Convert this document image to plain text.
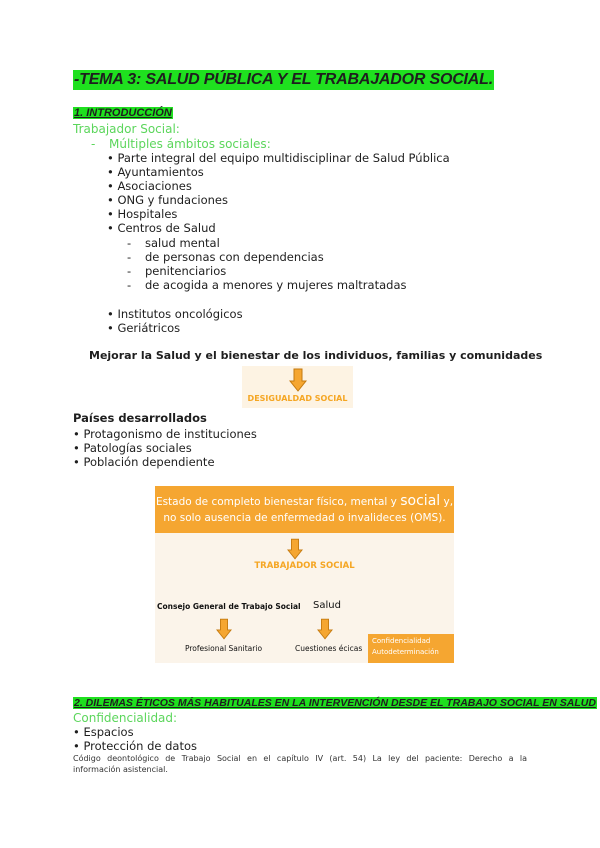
-TEMA 3: SALUD PÚBLICA Y EL TRABAJADOR SOCIAL.
1. INTRODUCCIÓN
Trabajador Social:
- Múltiples ámbitos sociales:
• Parte integral del equipo multidisciplinar de Salud Pública
• Ayuntamientos
• Asociaciones
• ONG y fundaciones
• Hospitales
• Centros de Salud
-	salud mental
-	de personas con dependencias
-	penitenciarios
-	de acogida a menores y mujeres maltratadas
• Institutos oncológicos
• Geriátricos
Mejorar la Salud y el bienestar de los individuos, familias y comunidades
DESIGUALDAD SOCIAL
Países desarrollados
• Protagonismo de instituciones
• Patologías sociales
• Población dependiente
Estado de completo bienestar físico, mental y social y,
no solo ausencia de enfermedad o invalideces (OMS).
TRABAJADOR SOCIAL
Consejo General de Trabajo Social Salud
Profesional Sanitario	Cuestiones écicas
Confidencialidad
Autodeterminación
2. DILEMAS ÉTICOS MÁS HABITUALES EN LA INTERVENCIÓN DESDE EL TRABAJO SOCIAL EN SALUD
Confidencialidad:
• Espacios
• Protección de datos
Código deontológico de Trabajo Social en el capítulo IV (art. 54) La ley del paciente: Derecho a la
información asistencial.
